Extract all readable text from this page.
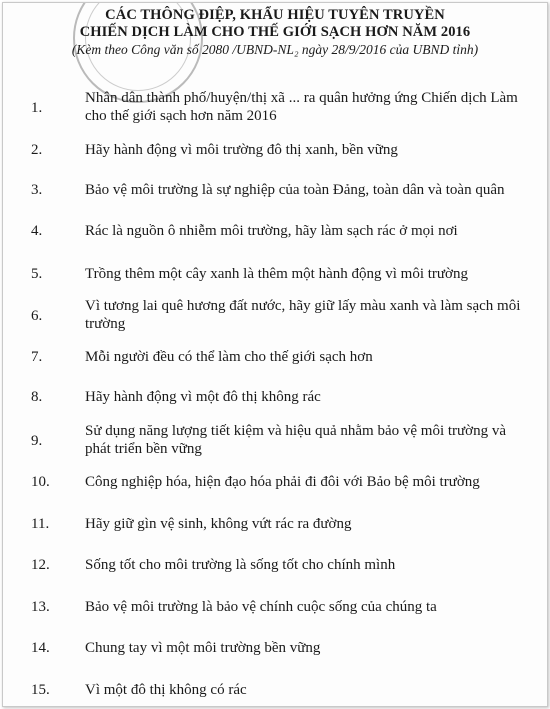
CÁC THÔNG ĐIỆP, KHẨU HIỆU TUYÊN TRUYỀN
CHIẾN DỊCH LÀM CHO THẾ GIỚI SẠCH HƠN NĂM 2016
(Kèm theo Công văn số 2080 /UBND-NL₂ ngày 28/9/2016 của UBND tỉnh)
1.
Nhân dân thành phố/huyện/thị xã ... ra quân hưởng ứng Chiến dịch Làm cho thế giới sạch hơn năm 2016
2.	Hãy hành động vì môi trường đô thị xanh, bền vững
3.	Bảo vệ môi trường là sự nghiệp của toàn Đảng, toàn dân và toàn quân
4.	Rác là nguồn ô nhiễm môi trường, hãy làm sạch rác ở mọi nơi
5.	Trồng thêm một cây xanh là thêm một hành động vì môi trường
6.
Vì tương lai quê hương đất nước, hãy giữ lấy màu xanh và làm sạch môi trường
7.	Mỗi người đều có thể làm cho thế giới sạch hơn
8.	Hãy hành động vì một đô thị không rác
9.
Sử dụng năng lượng tiết kiệm và hiệu quả nhằm bảo vệ môi trường và phát triển bền vững
10.	Công nghiệp hóa, hiện đạo hóa phải đi đôi với Bảo bệ môi trường
11.	Hãy giữ gìn vệ sinh, không vứt rác ra đường
12.	Sống tốt cho môi trường là sống tốt cho chính mình
13.	Bảo vệ môi trường là bảo vệ chính cuộc sống của chúng ta
14.	Chung tay vì một môi trường bền vững
15.	Vì một đô thị không có rác
